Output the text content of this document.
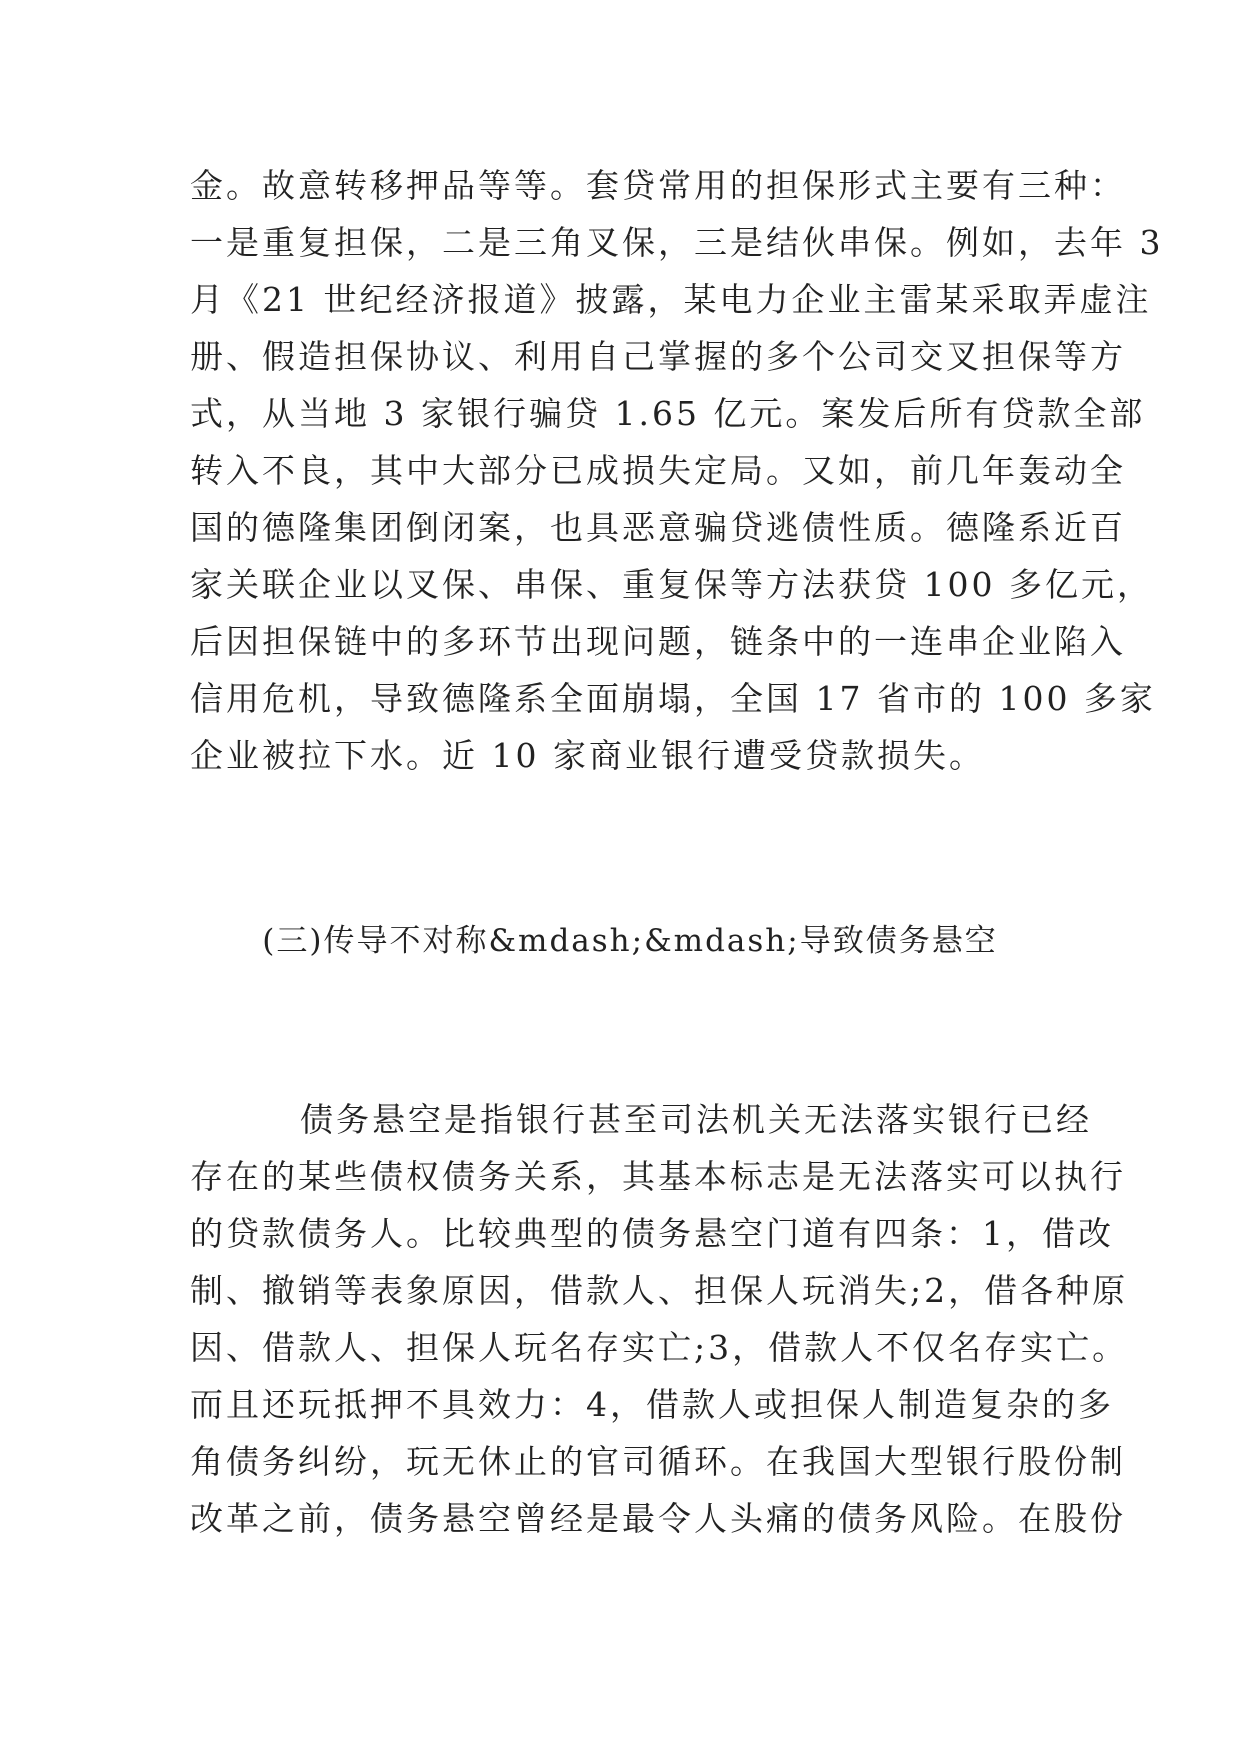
金。故意转移押品等等。套贷常用的担保形式主要有三种：
一是重复担保，二是三角叉保，三是结伙串保。例如，去年 3
月《21 世纪经济报道》披露，某电力企业主雷某采取弄虚注
册、假造担保协议、利用自己掌握的多个公司交叉担保等方
式，从当地 3 家银行骗贷 1.65 亿元。案发后所有贷款全部
转入不良，其中大部分已成损失定局。又如，前几年轰动全
国的德隆集团倒闭案，也具恶意骗贷逃债性质。德隆系近百
家关联企业以叉保、串保、重复保等方法获贷 100 多亿元，
后因担保链中的多环节出现问题，链条中的一连串企业陷入
信用危机，导致德隆系全面崩塌，全国 17 省市的 100 多家
企业被拉下水。近 10 家商业银行遭受贷款损失。
(三)传导不对称&mdash;&mdash;导致债务悬空
债务悬空是指银行甚至司法机关无法落实银行已经
存在的某些债权债务关系，其基本标志是无法落实可以执行
的贷款债务人。比较典型的债务悬空门道有四条：1，借改
制、撤销等表象原因，借款人、担保人玩消失;2，借各种原
因、借款人、担保人玩名存实亡;3，借款人不仅名存实亡。
而且还玩抵押不具效力：4，借款人或担保人制造复杂的多
角债务纠纷，玩无休止的官司循环。在我国大型银行股份制
改革之前，债务悬空曾经是最令人头痛的债务风险。在股份
